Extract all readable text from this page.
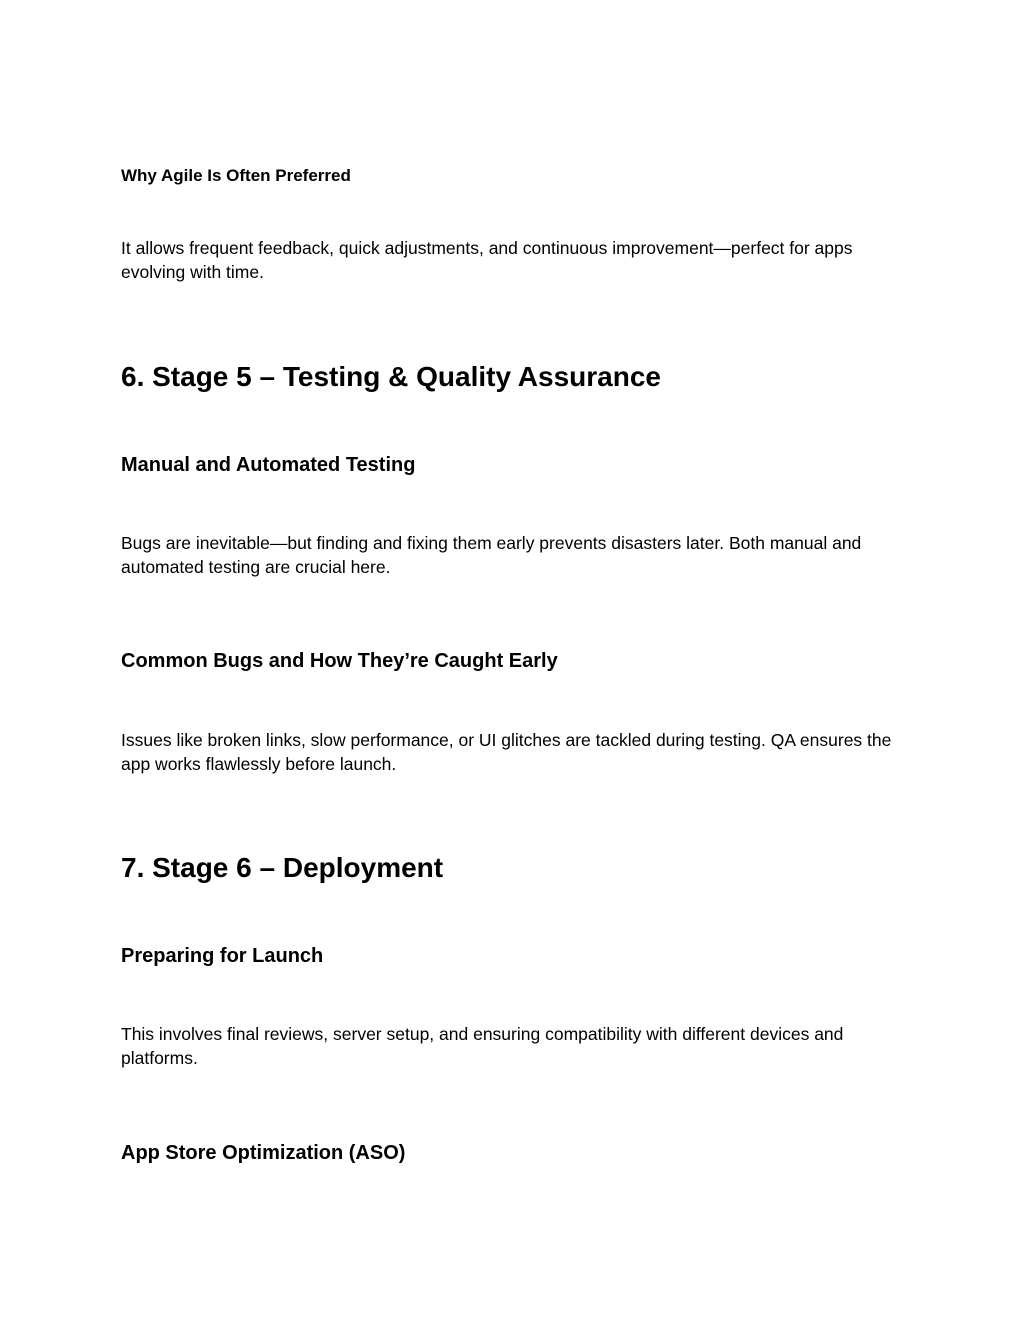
Why Agile Is Often Preferred

It allows frequent feedback, quick adjustments, and continuous improvement—perfect for apps evolving with time.

6. Stage 5 – Testing & Quality Assurance
Manual and Automated Testing

Bugs are inevitable—but finding and fixing them early prevents disasters later. Both manual and automated testing are crucial here.

Common Bugs and How They’re Caught Early

Issues like broken links, slow performance, or UI glitches are tackled during testing. QA ensures the app works flawlessly before launch.

7. Stage 6 – Deployment
Preparing for Launch

This involves final reviews, server setup, and ensuring compatibility with different devices and platforms.

App Store Optimization (ASO)
